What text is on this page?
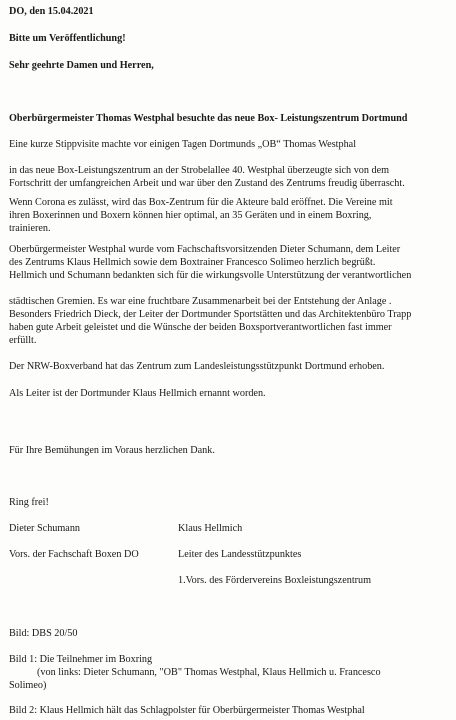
DO, den 15.04.2021
Bitte um Veröffentlichung!
Sehr geehrte Damen und Herren,
Oberbürgermeister Thomas Westphal besuchte das neue Box- Leistungszentrum Dortmund
Eine kurze Stippvisite machte vor einigen Tagen Dortmunds „OB“ Thomas Westphal
in das neue Box-Leistungszentrum an der Strobelallee 40. Westphal überzeugte sich von dem
Fortschritt der umfangreichen Arbeit und war über den Zustand des Zentrums freudig überrascht.
Wenn Corona es zulässt, wird das Box-Zentrum für die Akteure bald eröffnet. Die Vereine mit
ihren Boxerinnen und Boxern können hier optimal, an 35 Geräten und in einem Boxring,
trainieren.
Oberbürgermeister Westphal wurde vom Fachschaftsvorsitzenden Dieter Schumann, dem Leiter
des Zentrums Klaus Hellmich sowie dem Boxtrainer Francesco Solimeo herzlich begrüßt.
Hellmich und Schumann bedankten sich für die wirkungsvolle Unterstützung der verantwortlichen
städtischen Gremien. Es war eine fruchtbare Zusammenarbeit bei der Entstehung der Anlage .
Besonders Friedrich Dieck, der Leiter der Dortmunder Sportstätten und das Architektenbüro Trapp
haben gute Arbeit geleistet und die Wünsche der beiden Boxsportverantwortlichen fast immer
erfüllt.
Der NRW-Boxverband hat das Zentrum zum Landesleistungsstützpunkt Dortmund erhoben.
Als Leiter ist der Dortmunder Klaus Hellmich ernannt worden.
Für Ihre Bemühungen im Voraus herzlichen Dank.
Ring frei!
Dieter Schumann	Klaus Hellmich
Vors. der Fachschaft Boxen DO	Leiter des Landesstützpunktes
1.Vors. des Fördervereins Boxleistungszentrum
Bild: DBS 20/50
Bild 1: Die Teilnehmer im Boxring
(von links: Dieter Schumann, "OB" Thomas Westphal, Klaus Hellmich u. Francesco
Solimeo)
Bild 2: Klaus Hellmich hält das Schlagpolster für Oberbürgermeister Thomas Westphal
